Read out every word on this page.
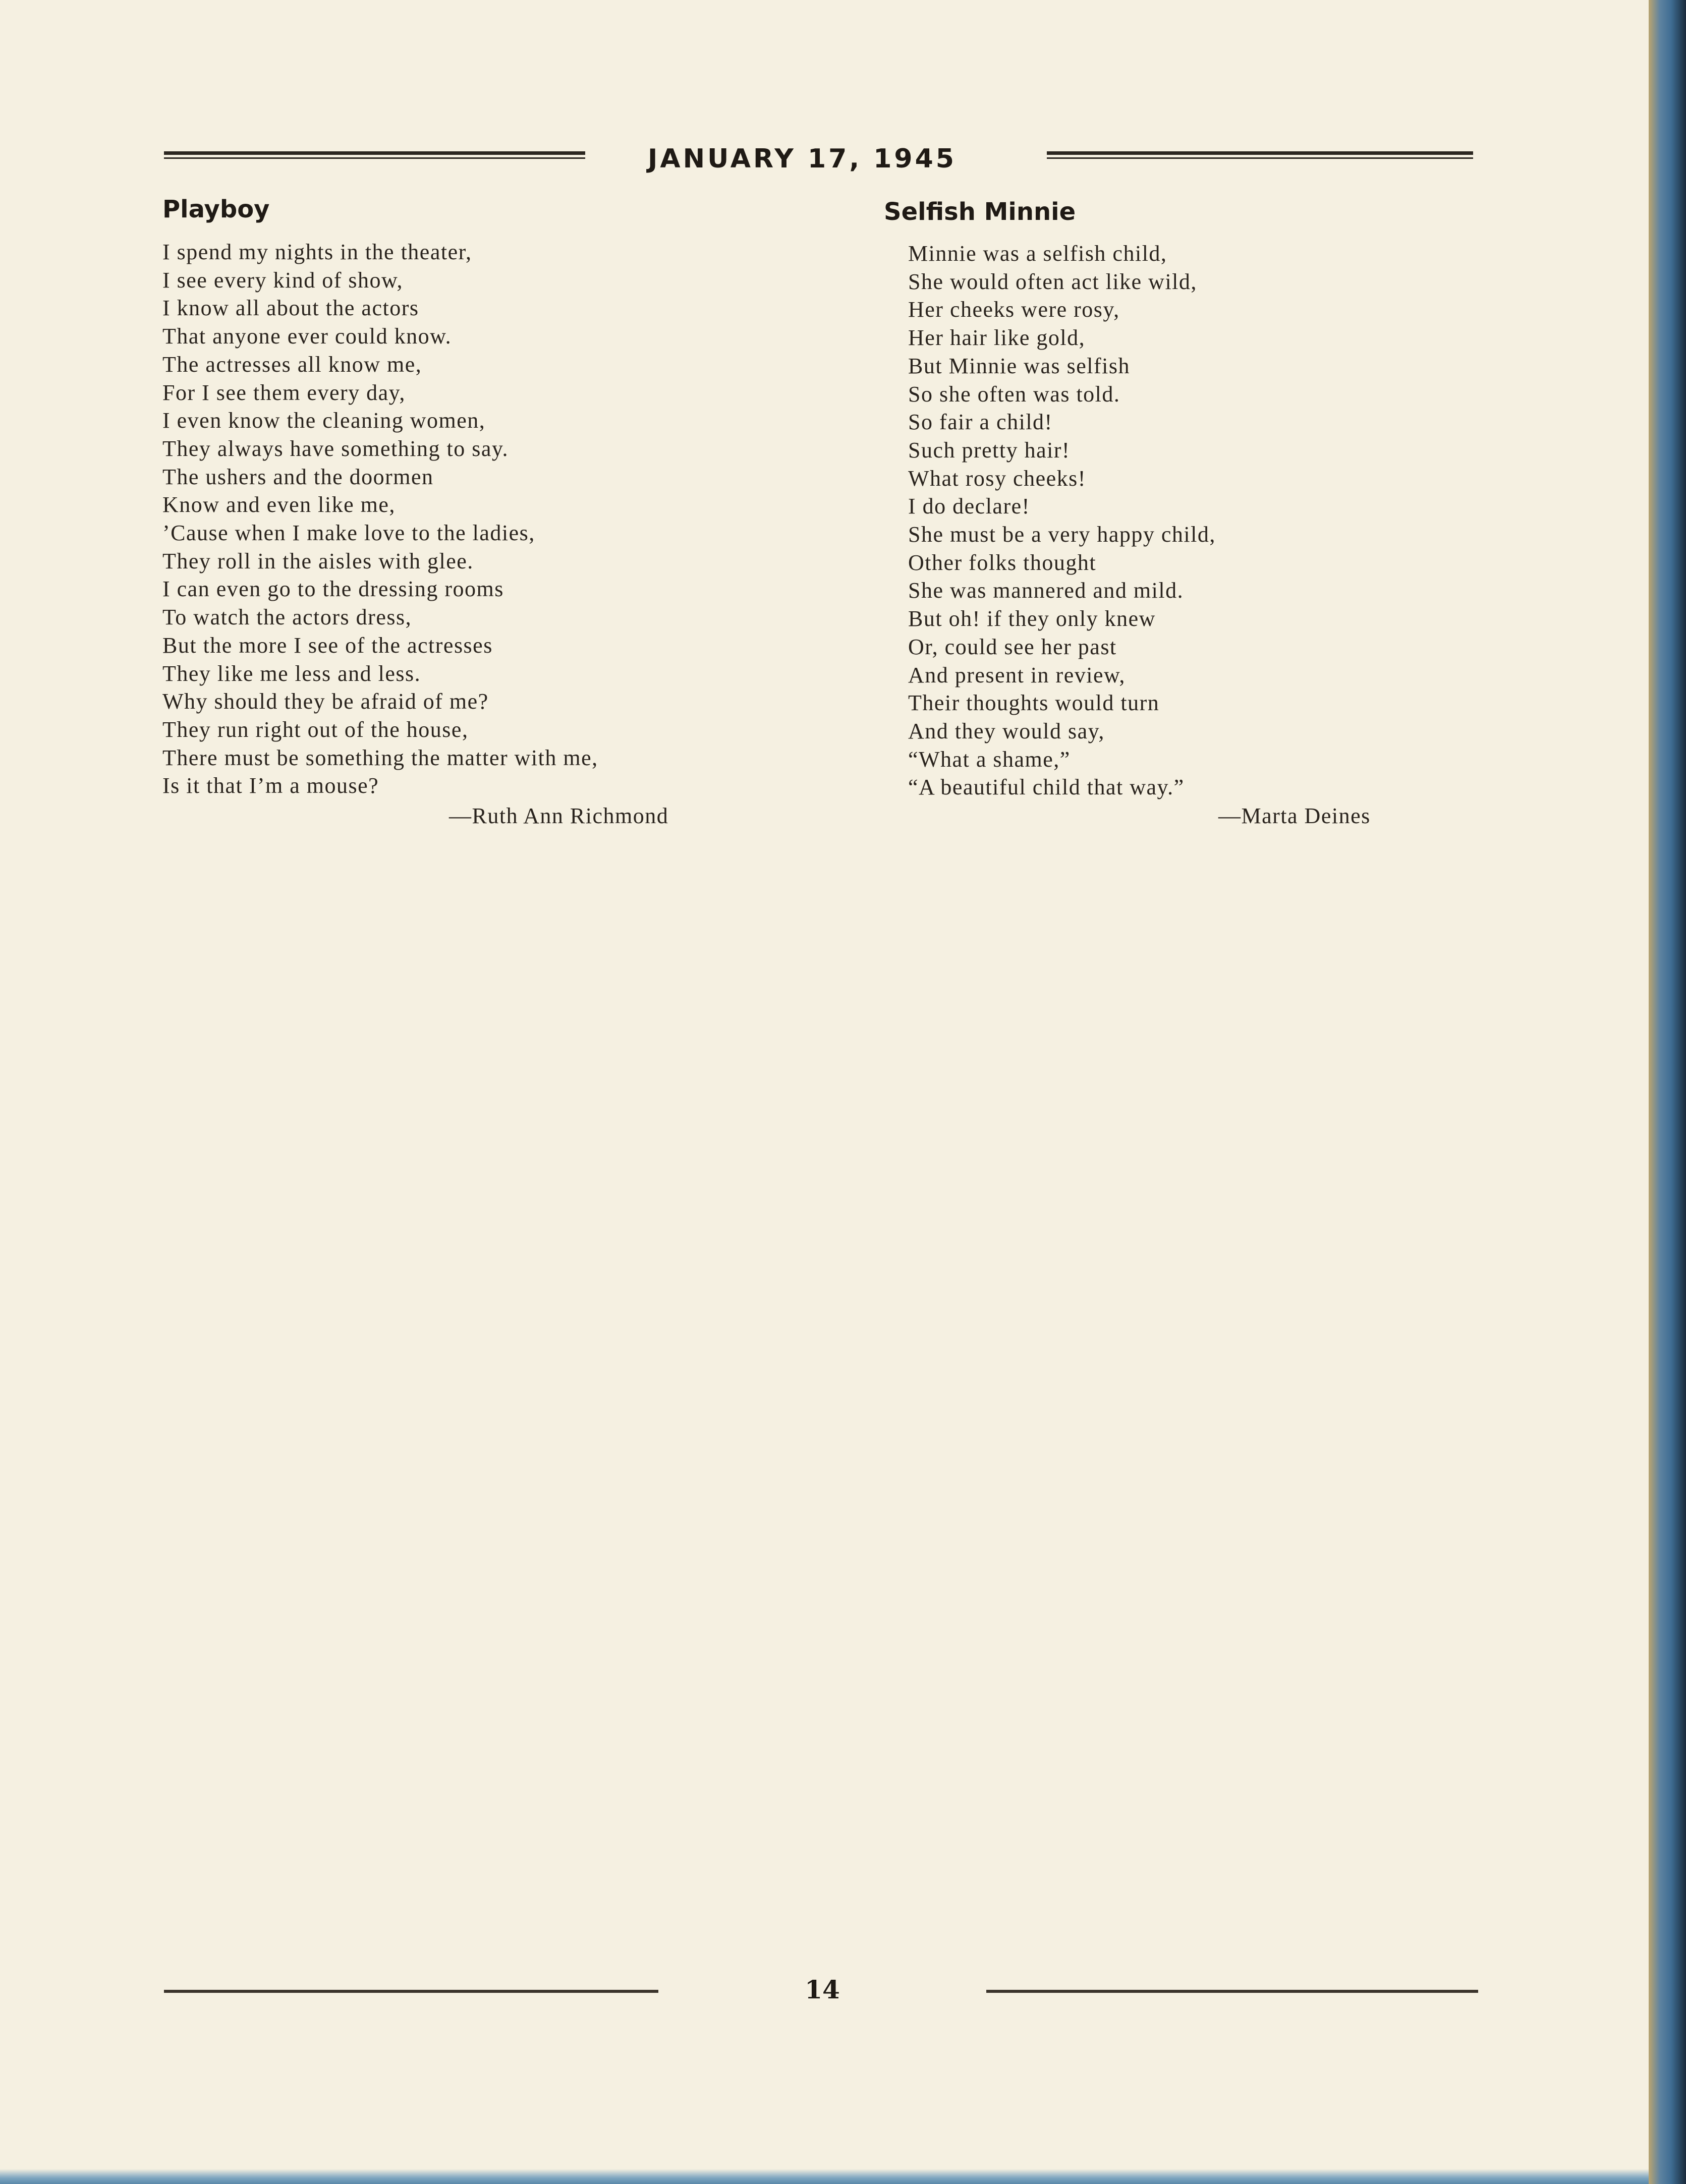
JANUARY 17, 1945
Playboy
I spend my nights in the theater,
I see every kind of show,
I know all about the actors
That anyone ever could know.
The actresses all know me,
For I see them every day,
I even know the cleaning women,
They always have something to say.
The ushers and the doormen
Know and even like me,
’Cause when I make love to the ladies,
They roll in the aisles with glee.
I can even go to the dressing rooms
To watch the actors dress,
But the more I see of the actresses
They like me less and less.
Why should they be afraid of me?
They run right out of the house,
There must be something the matter with me,
Is it that I’m a mouse?

—Ruth Ann Richmond

Selfish Minnie
Minnie was a selfish child,
She would often act like wild,
Her cheeks were rosy,
Her hair like gold,
But Minnie was selfish
So she often was told.
So fair a child!
Such pretty hair!
What rosy cheeks!
I do declare!
She must be a very happy child,
Other folks thought
She was mannered and mild.
But oh! if they only knew
Or, could see her past
And present in review,
Their thoughts would turn
And they would say,
“What a shame,”
“A beautiful child that way.”

—Marta Deines

14
